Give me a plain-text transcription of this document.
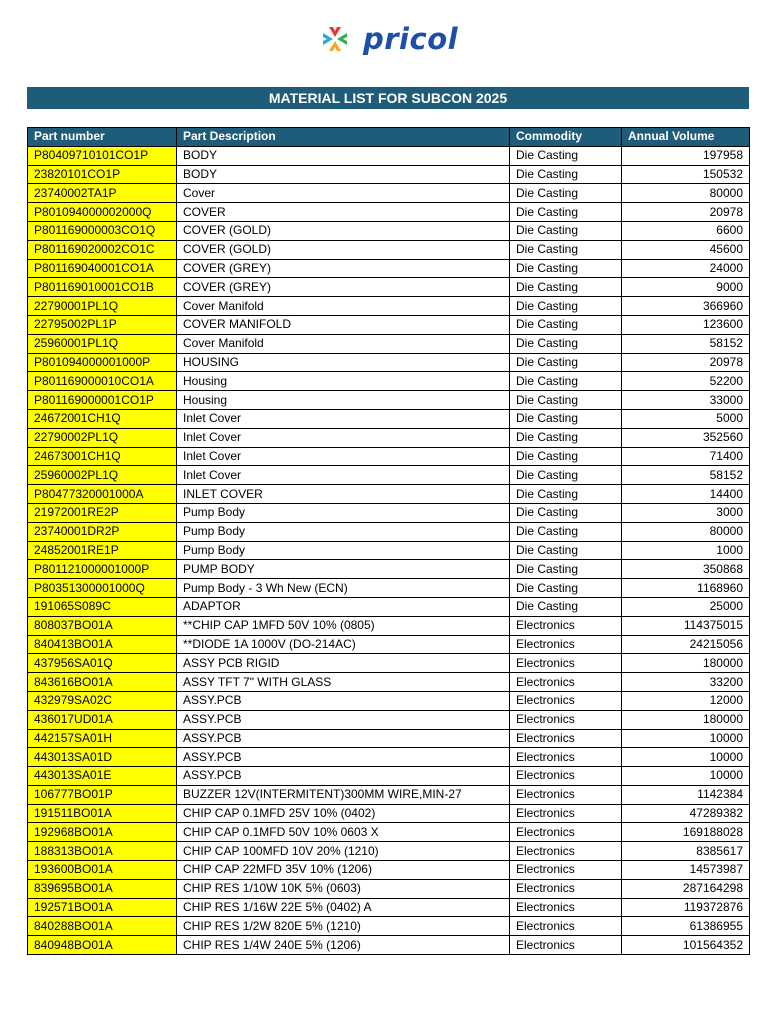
pricol
MATERIAL LIST FOR SUBCON 2025
Part number	Part Description	Commodity	Annual Volume
P80409710101CO1P	BODY	Die Casting	197958
23820101CO1P	BODY	Die Casting	150532
23740002TA1P	Cover	Die Casting	80000
P80109400000200​0Q	COVER	Die Casting	20978
P801169000003CO1Q	COVER (GOLD)	Die Casting	6600
P801169020002CO1C	COVER (GOLD)	Die Casting	45600
P801169040001CO1A	COVER (GREY)	Die Casting	24000
P801169010001CO1B	COVER (GREY)	Die Casting	9000
22790001PL1Q	Cover Manifold	Die Casting	366960
22795002PL1P	COVER MANIFOLD	Die Casting	123600
25960001PL1Q	Cover Manifold	Die Casting	58152
P801094000001000P	HOUSING	Die Casting	20978
P801169000010CO1A	Housing	Die Casting	52200
P801169000001CO1P	Housing	Die Casting	33000
24672001CH1Q	Inlet Cover	Die Casting	5000
22790002PL1Q	Inlet Cover	Die Casting	352560
24673001CH1Q	Inlet Cover	Die Casting	71400
25960002PL1Q	Inlet Cover	Die Casting	58152
P80477320001000A	INLET COVER	Die Casting	14400
21972001RE2P	Pump Body	Die Casting	3000
23740001DR2P	Pump Body	Die Casting	80000
24852001RE1P	Pump Body	Die Casting	1000
P801121000001000P	PUMP BODY	Die Casting	350868
P80351300001000Q	Pump Body - 3 Wh New (ECN)	Die Casting	1168960
191065S089C	ADAPTOR	Die Casting	25000
808037BO01A	**CHIP CAP 1MFD 50V 10% (0805)	Electronics	114375015
840413BO01A	**DIODE 1A 1000V (DO-214AC)	Electronics	24215056
437956SA01Q	ASSY PCB RIGID	Electronics	180000
843616BO01A	ASSY TFT 7" WITH GLASS	Electronics	33200
432979SA02C	ASSY.PCB	Electronics	12000
436017UD01A	ASSY.PCB	Electronics	180000
442157SA01H	ASSY.PCB	Electronics	10000
443013SA01D	ASSY.PCB	Electronics	10000
443013SA01E	ASSY.PCB	Electronics	10000
106777BO01P	BUZZER 12V(INTERMITENT)300MM WIRE,MIN-27	Electronics	1142384
191511BO01A	CHIP CAP 0.1MFD 25V 10% (0402)	Electronics	47289382
192968BO01A	CHIP CAP 0.1MFD 50V 10% 0603 X	Electronics	169188028
188313BO01A	CHIP CAP 100MFD 10V 20% (1210)	Electronics	8385617
193600BO01A	CHIP CAP 22MFD 35V 10% (1206)	Electronics	14573987
839695BO01A	CHIP RES 1/10W 10K 5% (0603)	Electronics	287164298
192571BO01A	CHIP RES 1/16W 22E 5% (0402) A	Electronics	119372876
840288BO01A	CHIP RES 1/2W 820E 5% (1210)	Electronics	61386955
840948BO01A	CHIP RES 1/4W 240E 5% (1206)	Electronics	101564352
